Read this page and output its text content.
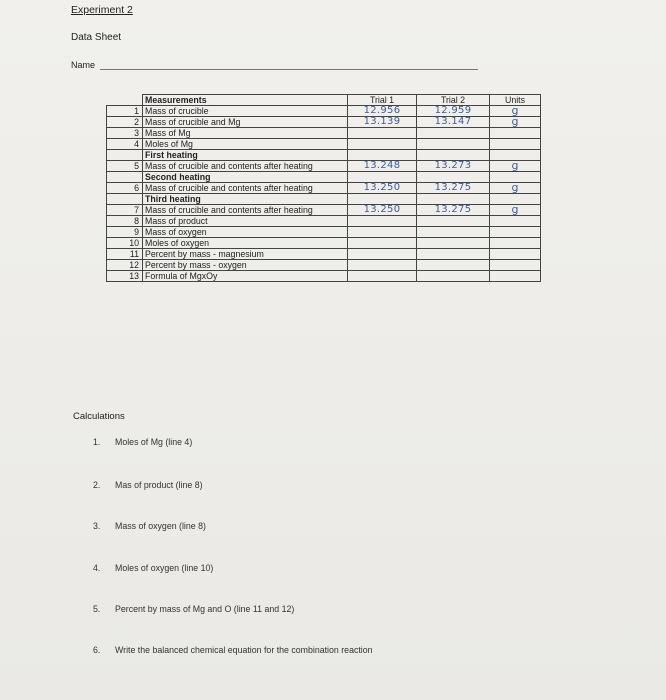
Experiment 2
Data Sheet
Name
	Measurements	Trial 1	Trial 2	Units
1	Mass of crucible	12.956	12.959	g
2	Mass of crucible and Mg	13.139	13.147	g
3	Mass of Mg			
4	Moles of Mg			
	First heating			
5	Mass of crucible and contents after heating	13.248	13.273	g
	Second heating			
6	Mass of crucible and contents after heating	13.250	13.275	g
	Third heating			
7	Mass of crucible and contents after heating	13.250	13.275	g
8	Mass of product			
9	Mass of oxygen			
10	Moles of oxygen			
11	Percent by mass - magnesium			
12	Percent by mass - oxygen			
13	Formula of MgxOy			
Calculations
1. Moles of Mg (line 4)
2. Mas of product (line 8)
3. Mass of oxygen (line 8)
4. Moles of oxygen (line 10)
5. Percent by mass of Mg and O (line 11 and 12)
6. Write the balanced chemical equation for the combination reaction
